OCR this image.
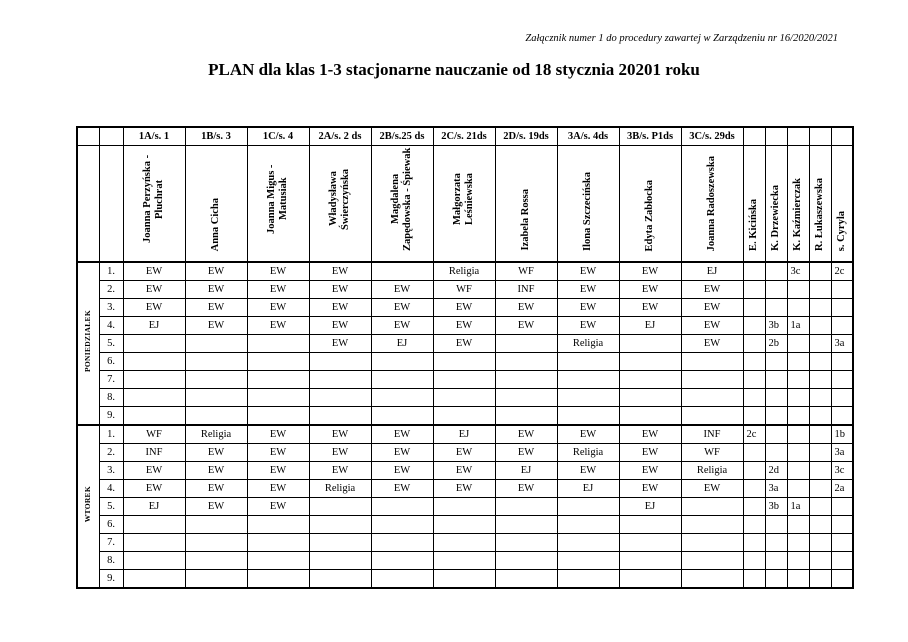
Załącznik numer 1 do procedury zawartej w Zarządzeniu nr 16/2020/2021
PLAN dla klas 1-3 stacjonarne nauczanie od 18 stycznia 20201 roku
		1A/s. 1	1B/s. 3	1C/s. 4	2A/s. 2 ds	2B/s.25 ds	2C/s. 21ds	2D/s. 19ds	3A/s. 4ds	3B/s. P1ds	3C/s. 29ds					
		Joanna Perzyńska - Pluchrat	Anna Cicha	Joanna Migus - Matusiak	Władysława Świerczyńska	Magdalena Zapędowska - Śpiewak	Małgorzata Leśniewska	Izabela Rossa	Ilona Szczecińska	Edyta Zabłocka	Joanna Radoszewska	E. Kicińska	K. Drzewiecka	K. Kaźmierczak	R. Łukaszewska	s. Cyryla
PONIEDZIAŁEK	1.	EW	EW	EW	EW		Religia	WF	EW	EW	EJ			3c		2c
	2.	EW	EW	EW	EW	EW	WF	INF	EW	EW	EW					
	3.	EW	EW	EW	EW	EW	EW	EW	EW	EW	EW					
	4.	EJ	EW	EW	EW	EW	EW	EW	EW	EJ	EW		3b	1a		
	5.				EW	EJ	EW		Religia		EW		2b			3a
	6.															
	7.															
	8.															
	9.															
WTOREK	1.	WF	Religia	EW	EW	EW	EJ	EW	EW	EW	INF	2c				1b
	2.	INF	EW	EW	EW	EW	EW	EW	Religia	EW	WF					3a
	3.	EW	EW	EW	EW	EW	EW	EJ	EW	EW	Religia		2d			3c
	4.	EW	EW	EW	Religia	EW	EW	EW	EJ	EW	EW		3a			2a
	5.	EJ	EW	EW						EJ			3b	1a		
	6.															
	7.															
	8.															
	9.															
